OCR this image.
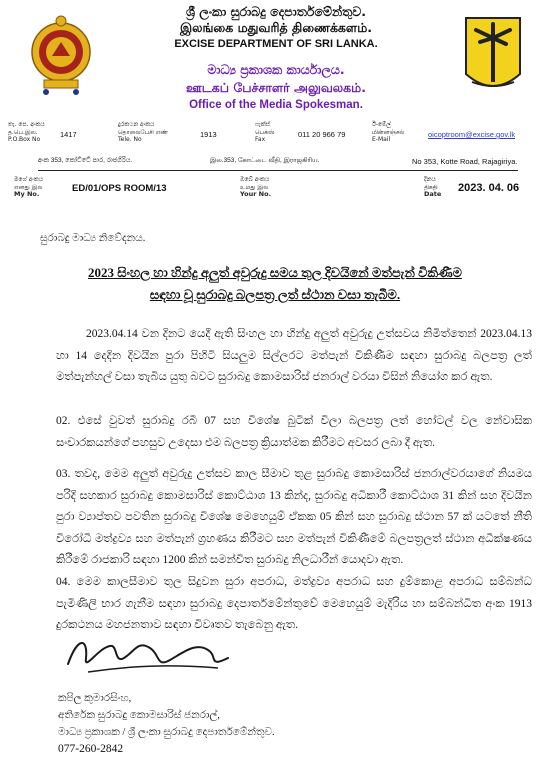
ශ්‍රී ලංකා සුරාබදු දෙපාර්තමේන්තුව.
இலங்கை மதுவரித் திணைக்களம்.
EXCISE DEPARTMENT OF SRI LANKA.
මාධ්‍ය ප්‍රකාශක කාර්යාලය.
ஊடகப் பேச்சாளர் அலுவலகம்.
Office of the Media Spokesman.
තැ. පෙ. අංකය
த.பெ.இல.
P.O.Box No
1417
දුරකථන අංකය
தொலைபேசி எண்
Tele. No
1913
ෆැක්ස්
பெக்ஸ்
Fax
011 20 966 79
ඊ-මේල්
மின்னஞ்சல்
E-Mail
oicoptroom@excise.gov.lk
අංක 353, කෝට්ටේ පාර, රාජගිරිය.	இல.353, கோட்டை வீதி, இராஜகிரிய.	No 353, Kotte Road, Rajagiriya.
මගේ අංකය
எனது இல
My No.	ED/01/OPS ROOM/13
ඔබේ අංකය
உமது இல
Your No.
දිනය
திகதி
Date 2023. 04. 06
සුරාබදු මාධ්‍ය නිවේදනය.
2023 සිංහල හා හින්දු අලුත් අවුරුදු සමය තුල දිවයිනේ මත්පැන් විකිණීම
සඳහා වූ සුරාබදු බලපත්‍ර ලත් ස්ථාන වසා තැබීම.
2023.04.14 වන දිනට යෙදී ඇති සිංහල හා හින්දු අලුත් අවුරුදු උත්සවය නිමිත්තෙන් 2023.04.13 හා 14 දෙදින දිවයින පුරා පිහිටි සියලුම සිල්ලරට මත්පැන් විකිණීම සඳහා සුරාබදු බලපත්‍ර ලත් මත්පැන්හල් වසා තැබිය යුතු බවට සුරාබදු කොමසාරිස් ජනරාල් වරයා විසින් නියෝග කර ඇත.
02. එසේ වුවත් සුරාබදු රබී 07 සහ විශේෂ බුටික් විලා බලපත්‍ර ලත් හෝටල් වල නේවාසික සංචාරකයන්ගේ පහසුව උදෙසා එම බලපත්‍ර ක්‍රියාත්මක කිරීමට අවසර ලබා දී ඇත.
03. තවද, මෙම අලුත් අවුරුදු උත්සව කාල සීමාව තුළ සුරාබදු කොමසාරිස් ජනරාල්වරයාගේ නියමය පරිදි සහකාර සුරාබදු කොමසාරිස් කොට්ඨාශ 13 කින්ද, සුරාබදු අධිකාරී කොට්ඨාශ 31 කින් සහ දිවයින පුරා ව්‍යාප්තව පවතින සුරාබදු විශේෂ මෙහෙයුම් ඒකක 05 කින් සහ සුරාබදු ස්ථාන 57 ක් යටතේ නීති විරෝධී මත්ද්‍රව්‍ය සහ මත්පැන් ග්‍රහණය කිරීමට සහ මත්පැන් විකිණීමේ බලපත්‍රලත් ස්ථාන අධීක්ෂණය කිරීමේ රාජකාරි සඳහා 1200 කින් සමන්විත සුරාබදු නිලධාරීන් යොදවා ඇත.
04. මෙම කාලසීමාව තුල සිදුවන සුරා අපරාධ, මත්ද්‍රව්‍ය අපරාධ සහ දුම්කොළ අපරාධ සම්බන්ධ පැමිණිලි භාර ගැනීම සඳහා සුරාබදු දෙපාර්තමේන්තුවේ මෙහෙයුම් මැදිරිය හා සම්බන්ධිත අංක 1913 දුරකථනය මහජනතාව සඳහා විවෘතව තැබෙනු ඇත.
කපිල කුමාරසිංහ,
අතිරේක සුරාබදු කොමසාරිස් ජනරාල්,
මාධ්‍ය ප්‍රකාශක / ශ්‍රී ලංකා සුරාබදු දෙපාර්තමේන්තුව.
077-260-2842
